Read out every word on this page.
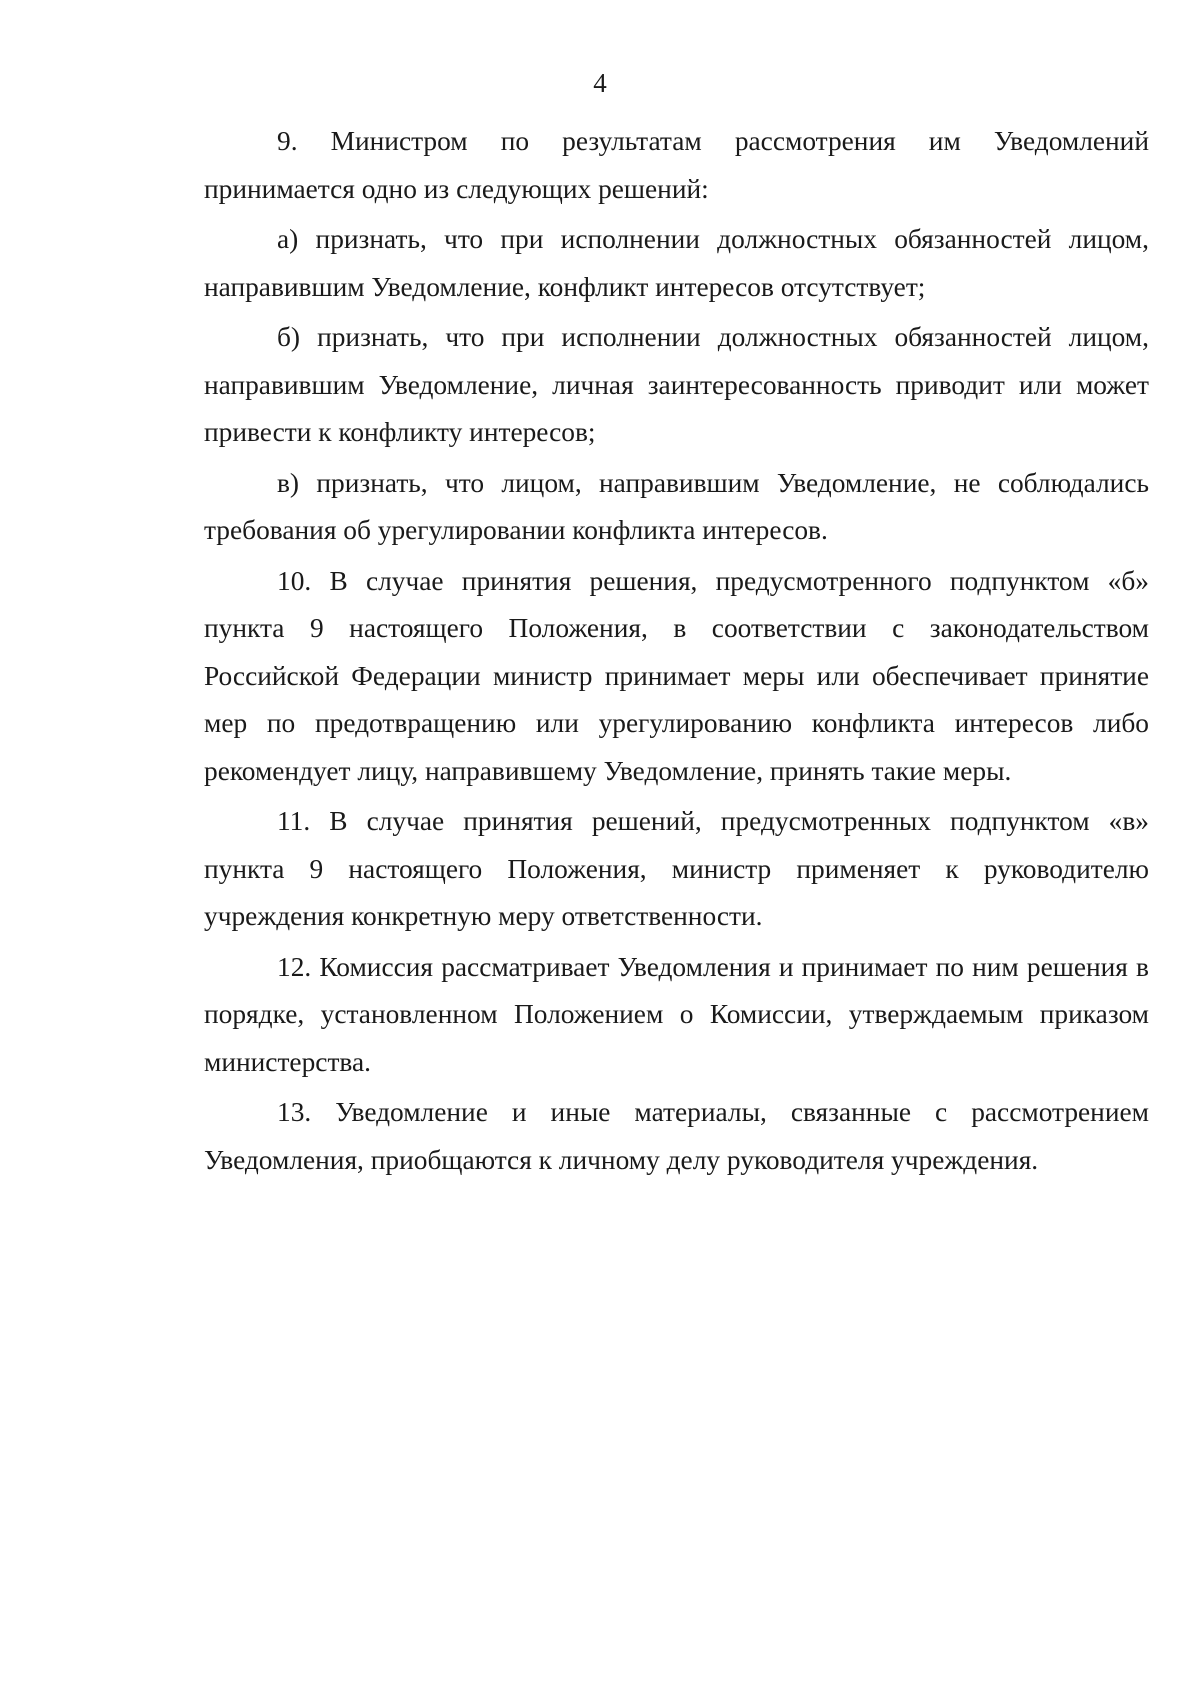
4

9. Министром по результатам рассмотрения им Уведомлений принимается одно из следующих решений:

а) признать, что при исполнении должностных обязанностей лицом, направившим Уведомление, конфликт интересов отсутствует;

б) признать, что при исполнении должностных обязанностей лицом, направившим Уведомление, личная заинтересованность приводит или может привести к конфликту интересов;

в) признать, что лицом, направившим Уведомление, не соблюдались требования об урегулировании конфликта интересов.

10. В случае принятия решения, предусмотренного подпунктом «б» пункта 9 настоящего Положения, в соответствии с законодательством Российской Федерации министр принимает меры или обеспечивает принятие мер по предотвращению или урегулированию конфликта интересов либо рекомендует лицу, направившему Уведомление, принять такие меры.

11. В случае принятия решений, предусмотренных подпунктом «в» пункта 9 настоящего Положения, министр применяет к руководителю учреждения конкретную меру ответственности.

12. Комиссия рассматривает Уведомления и принимает по ним решения в порядке, установленном Положением о Комиссии, утверждаемым приказом министерства.

13. Уведомление и иные материалы, связанные с рассмотрением Уведомления, приобщаются к личному делу руководителя учреждения.
